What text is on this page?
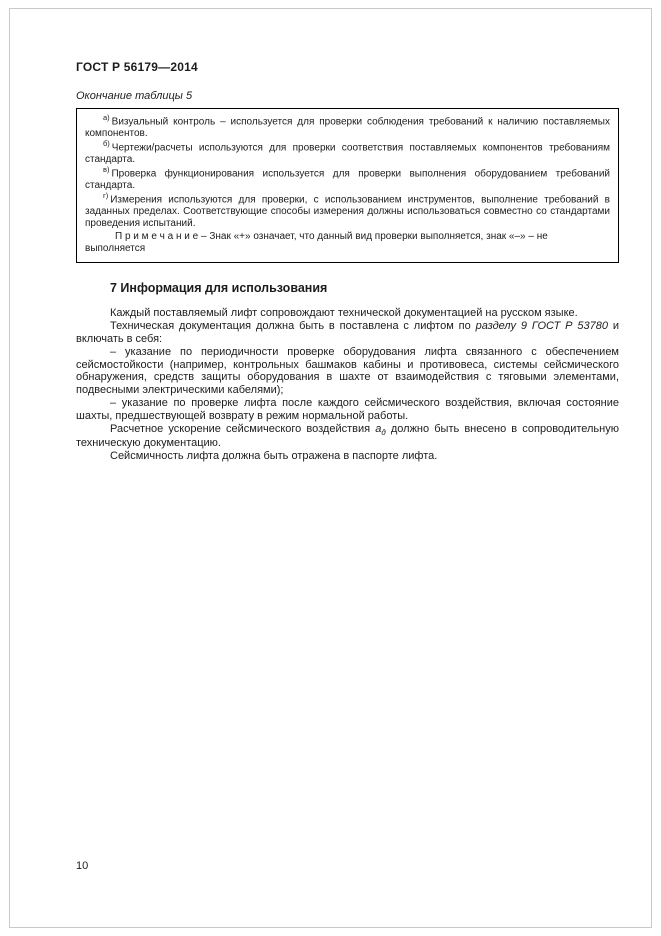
ГОСТ Р 56179—2014
Окончание таблицы 5

$^{а)}$ Визуальный контроль – используется для проверки соблюдения требований к наличию поставляемых компонентов.

$^{б)}$ Чертежи/расчеты используются для проверки соответствия поставляемых компонентов требованиям стандарта.

$^{в)}$ Проверка функционирования используется для проверки выполнения оборудованием требований стандарта.

$^{г)}$ Измерения используются для проверки, с использованием инструментов, выполнение требований в заданных пределах. Соответствующие способы измерения должны использоваться совместно со стандартами проведения испытаний.

П р и м е ч а н и е – Знак «+» означает, что данный вид проверки выполняется, знак «–» – не выполняется

7 Информация для использования

Каждый поставляемый лифт сопровождают технической документацией на русском языке.

Техническая документация должна быть в поставлена с лифтом по разделу 9 ГОСТ Р 53780 и включать в себя:

– указание по периодичности проверке оборудования лифта связанного с обеспечением сейсмостойкости (например, контрольных башмаков кабины и противовеса, системы сейсмического обнаружения, средств защиты оборудования в шахте от взаимодействия с тяговыми элементами, подвесными электрическими кабелями);

– указание по проверке лифта после каждого сейсмического воздействия, включая состояние шахты, предшествующей возврату в режим нормальной работы.

Расчетное ускорение сейсмического воздействия $а_д$ должно быть внесено в сопроводительную техническую документацию.

Сейсмичность лифта должна быть отражена в паспорте лифта.

10
